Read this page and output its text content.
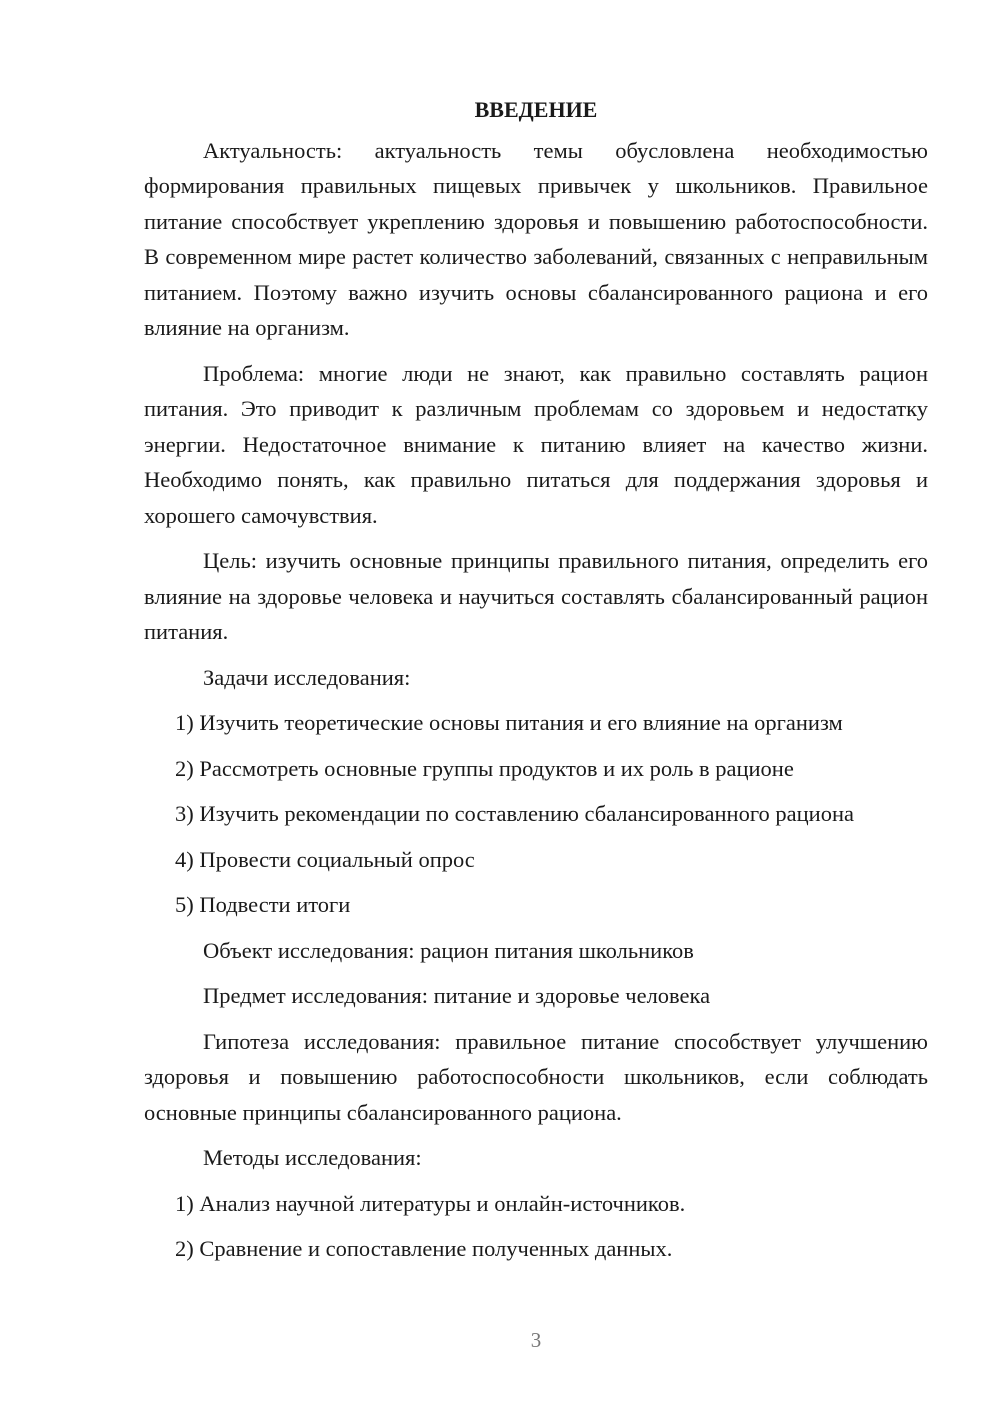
ВВЕДЕНИЕ

Актуальность: актуальность темы обусловлена необходимостью формирования правильных пищевых привычек у школьников. Правильное питание способствует укреплению здоровья и повышению работоспособности. В современном мире растет количество заболеваний, связанных с неправильным питанием. Поэтому важно изучить основы сбалансированного рациона и его влияние на организм.

Проблема: многие люди не знают, как правильно составлять рацион питания. Это приводит к различным проблемам со здоровьем и недостатку энергии. Недостаточное внимание к питанию влияет на качество жизни. Необходимо понять, как правильно питаться для поддержания здоровья и хорошего самочувствия.

Цель: изучить основные принципы правильного питания, определить его влияние на здоровье человека и научиться составлять сбалансированный рацион питания.

Задачи исследования:

1) Изучить теоретические основы питания и его влияние на организм

2) Рассмотреть основные группы продуктов и их роль в рационе

3) Изучить рекомендации по составлению сбалансированного рациона

4) Провести социальный опрос

5) Подвести итоги

Объект исследования: рацион питания школьников

Предмет исследования: питание и здоровье человека

Гипотеза исследования: правильное питание способствует улучшению здоровья и повышению работоспособности школьников, если соблюдать основные принципы сбалансированного рациона.

Методы исследования:

1) Анализ научной литературы и онлайн-источников.

2) Сравнение и сопоставление полученных данных.

3
